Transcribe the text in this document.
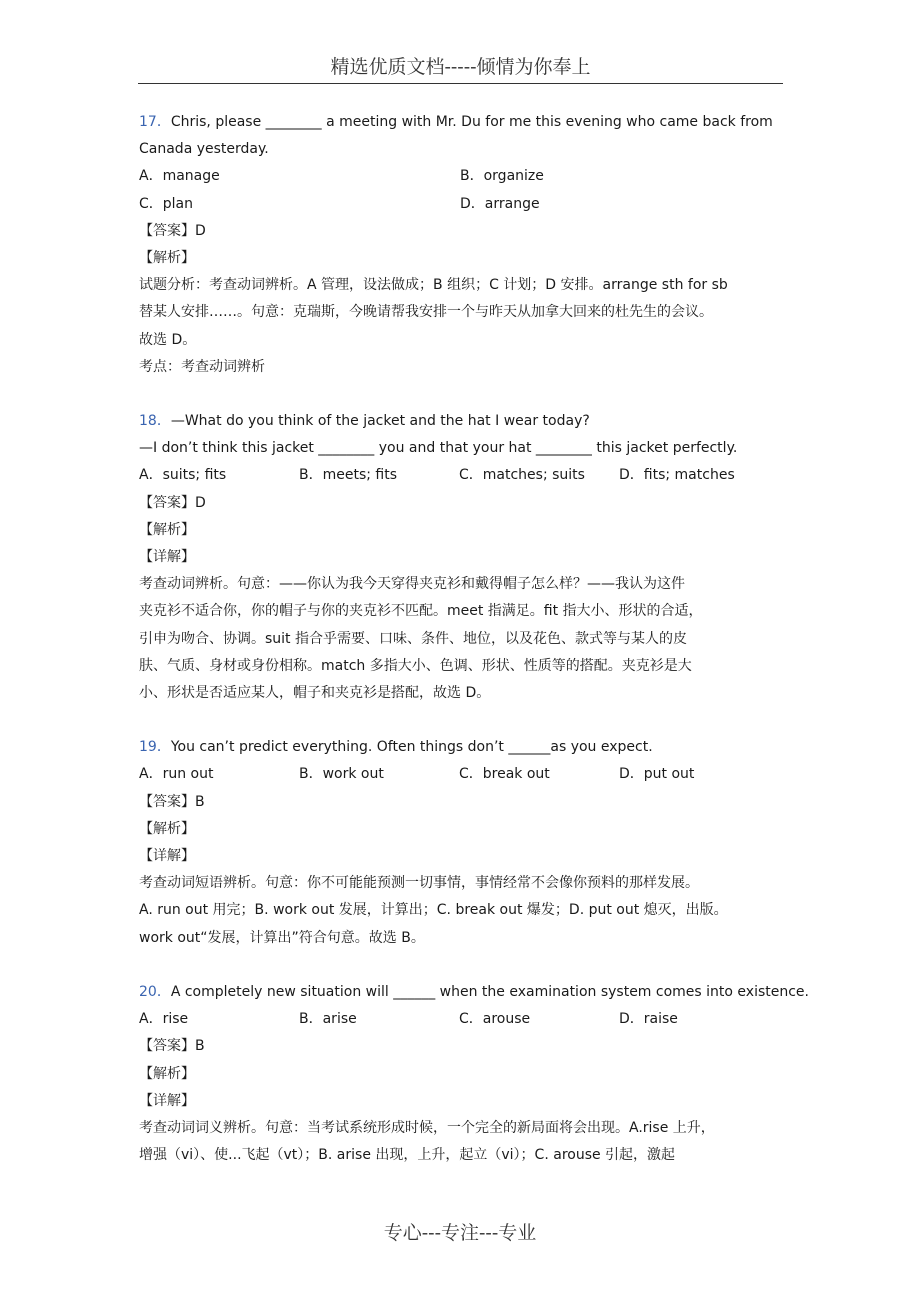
精选优质文档-----倾情为你奉上
17．Chris, please ________ a meeting with Mr. Du for me this evening who came back from
Canada yesterday.
A．manage	B．organize
C．plan	D．arrange
【答案】D
【解析】
试题分析：考查动词辨析。A 管理，设法做成；B 组织；C 计划；D 安排。arrange sth for sb
替某人安排……。句意：克瑞斯，今晚请帮我安排一个与昨天从加拿大回来的杜先生的会议。
故选 D。
考点：考查动词辨析
18．—What do you think of the jacket and the hat I wear today?
—I don’t think this jacket ________ you and that your hat ________ this jacket perfectly.
A．suits; fits	B．meets; fits	C．matches; suits	D．fits; matches
【答案】D
【解析】
【详解】
考查动词辨析。句意：——你认为我今天穿得夹克衫和戴得帽子怎么样？——我认为这件
夹克衫不适合你，你的帽子与你的夹克衫不匹配。meet 指满足。fit 指大小、形状的合适，
引申为吻合、协调。suit 指合乎需要、口味、条件、地位，以及花色、款式等与某人的皮
肤、气质、身材或身份相称。match 多指大小、色调、形状、性质等的搭配。夹克衫是大
小、形状是否适应某人，帽子和夹克衫是搭配，故选 D。
19．You can’t predict everything. Often things don’t ______as you expect.
A．run out	B．work out	C．break out	D．put out
【答案】B
【解析】
【详解】
考查动词短语辨析。句意：你不可能能预测一切事情，事情经常不会像你预料的那样发展。
A. run out 用完；B. work out 发展，计算出；C. break out 爆发；D. put out 熄灭，出版。
work out“发展，计算出”符合句意。故选 B。
20．A completely new situation will ______ when the examination system comes into existence.
A．rise	B．arise	C．arouse	D．raise
【答案】B
【解析】
【详解】
考查动词词义辨析。句意：当考试系统形成时候，一个完全的新局面将会出现。A.rise 上升，
增强（vi）、使...飞起（vt）；B. arise 出现，上升，起立（vi）；C. arouse 引起，激起
专心---专注---专业
